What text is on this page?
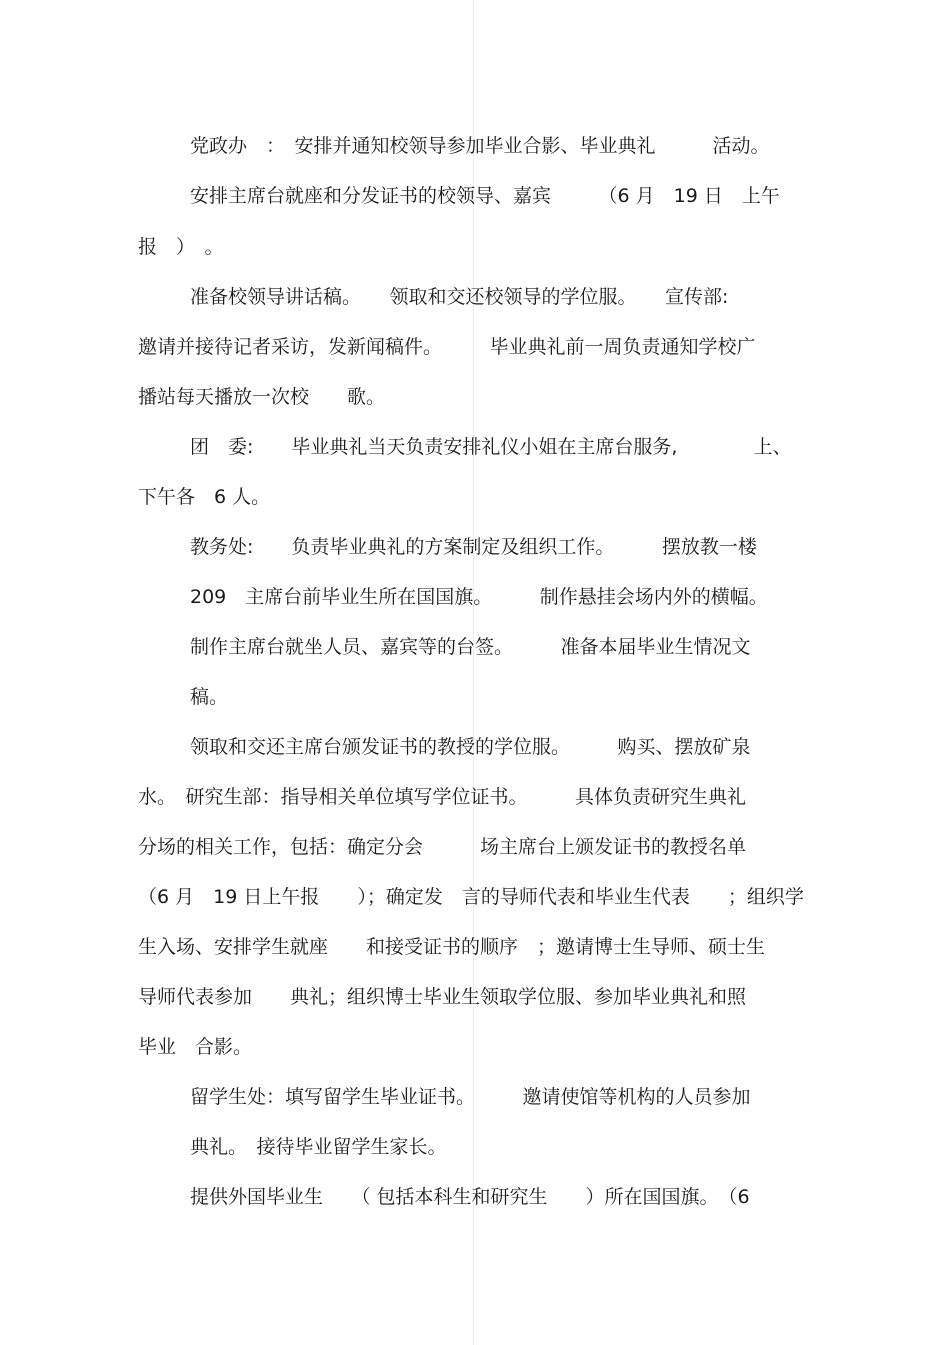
党政办　：　安排并通知校领导参加毕业合影、毕业典礼　　　活动。
安排主席台就座和分发证书的校领导、嘉宾　　　（6 月　19 日　上午
报　）　。
准备校领导讲话稿。　　领取和交还校领导的学位服。　　宣传部:
邀请并接待记者采访，发新闻稿件。　　　毕业典礼前一周负责通知学校广
播站每天播放一次校　　歌。
团　委:　　毕业典礼当天负责安排礼仪小姐在主席台服务,　　　　上、
下午各　6 人。
教务处:　　负责毕业典礼的方案制定及组织工作。　　　摆放教一楼
209　主席台前毕业生所在国国旗。　　　制作悬挂会场内外的横幅。
制作主席台就坐人员、嘉宾等的台签。　　　准备本届毕业生情况文
稿。
领取和交还主席台颁发证书的教授的学位服。　　　购买、摆放矿泉
水。　研究生部：指导相关单位填写学位证书。　　　具体负责研究生典礼
分场的相关工作，包括：确定分会　　　场主席台上颁发证书的教授名单
（6 月　19 日上午报　　）；确定发　言的导师代表和毕业生代表　　；组织学
生入场、安排学生就座　　和接受证书的顺序　；邀请博士生导师、硕士生
导师代表参加　　典礼；组织博士毕业生领取学位服、参加毕业典礼和照
毕业　合影。
留学生处：填写留学生毕业证书。　　　邀请使馆等机构的人员参加
典礼。　接待毕业留学生家长。
提供外国毕业生　　（ 包括本科生和研究生　　）所在国国旗。　（6
